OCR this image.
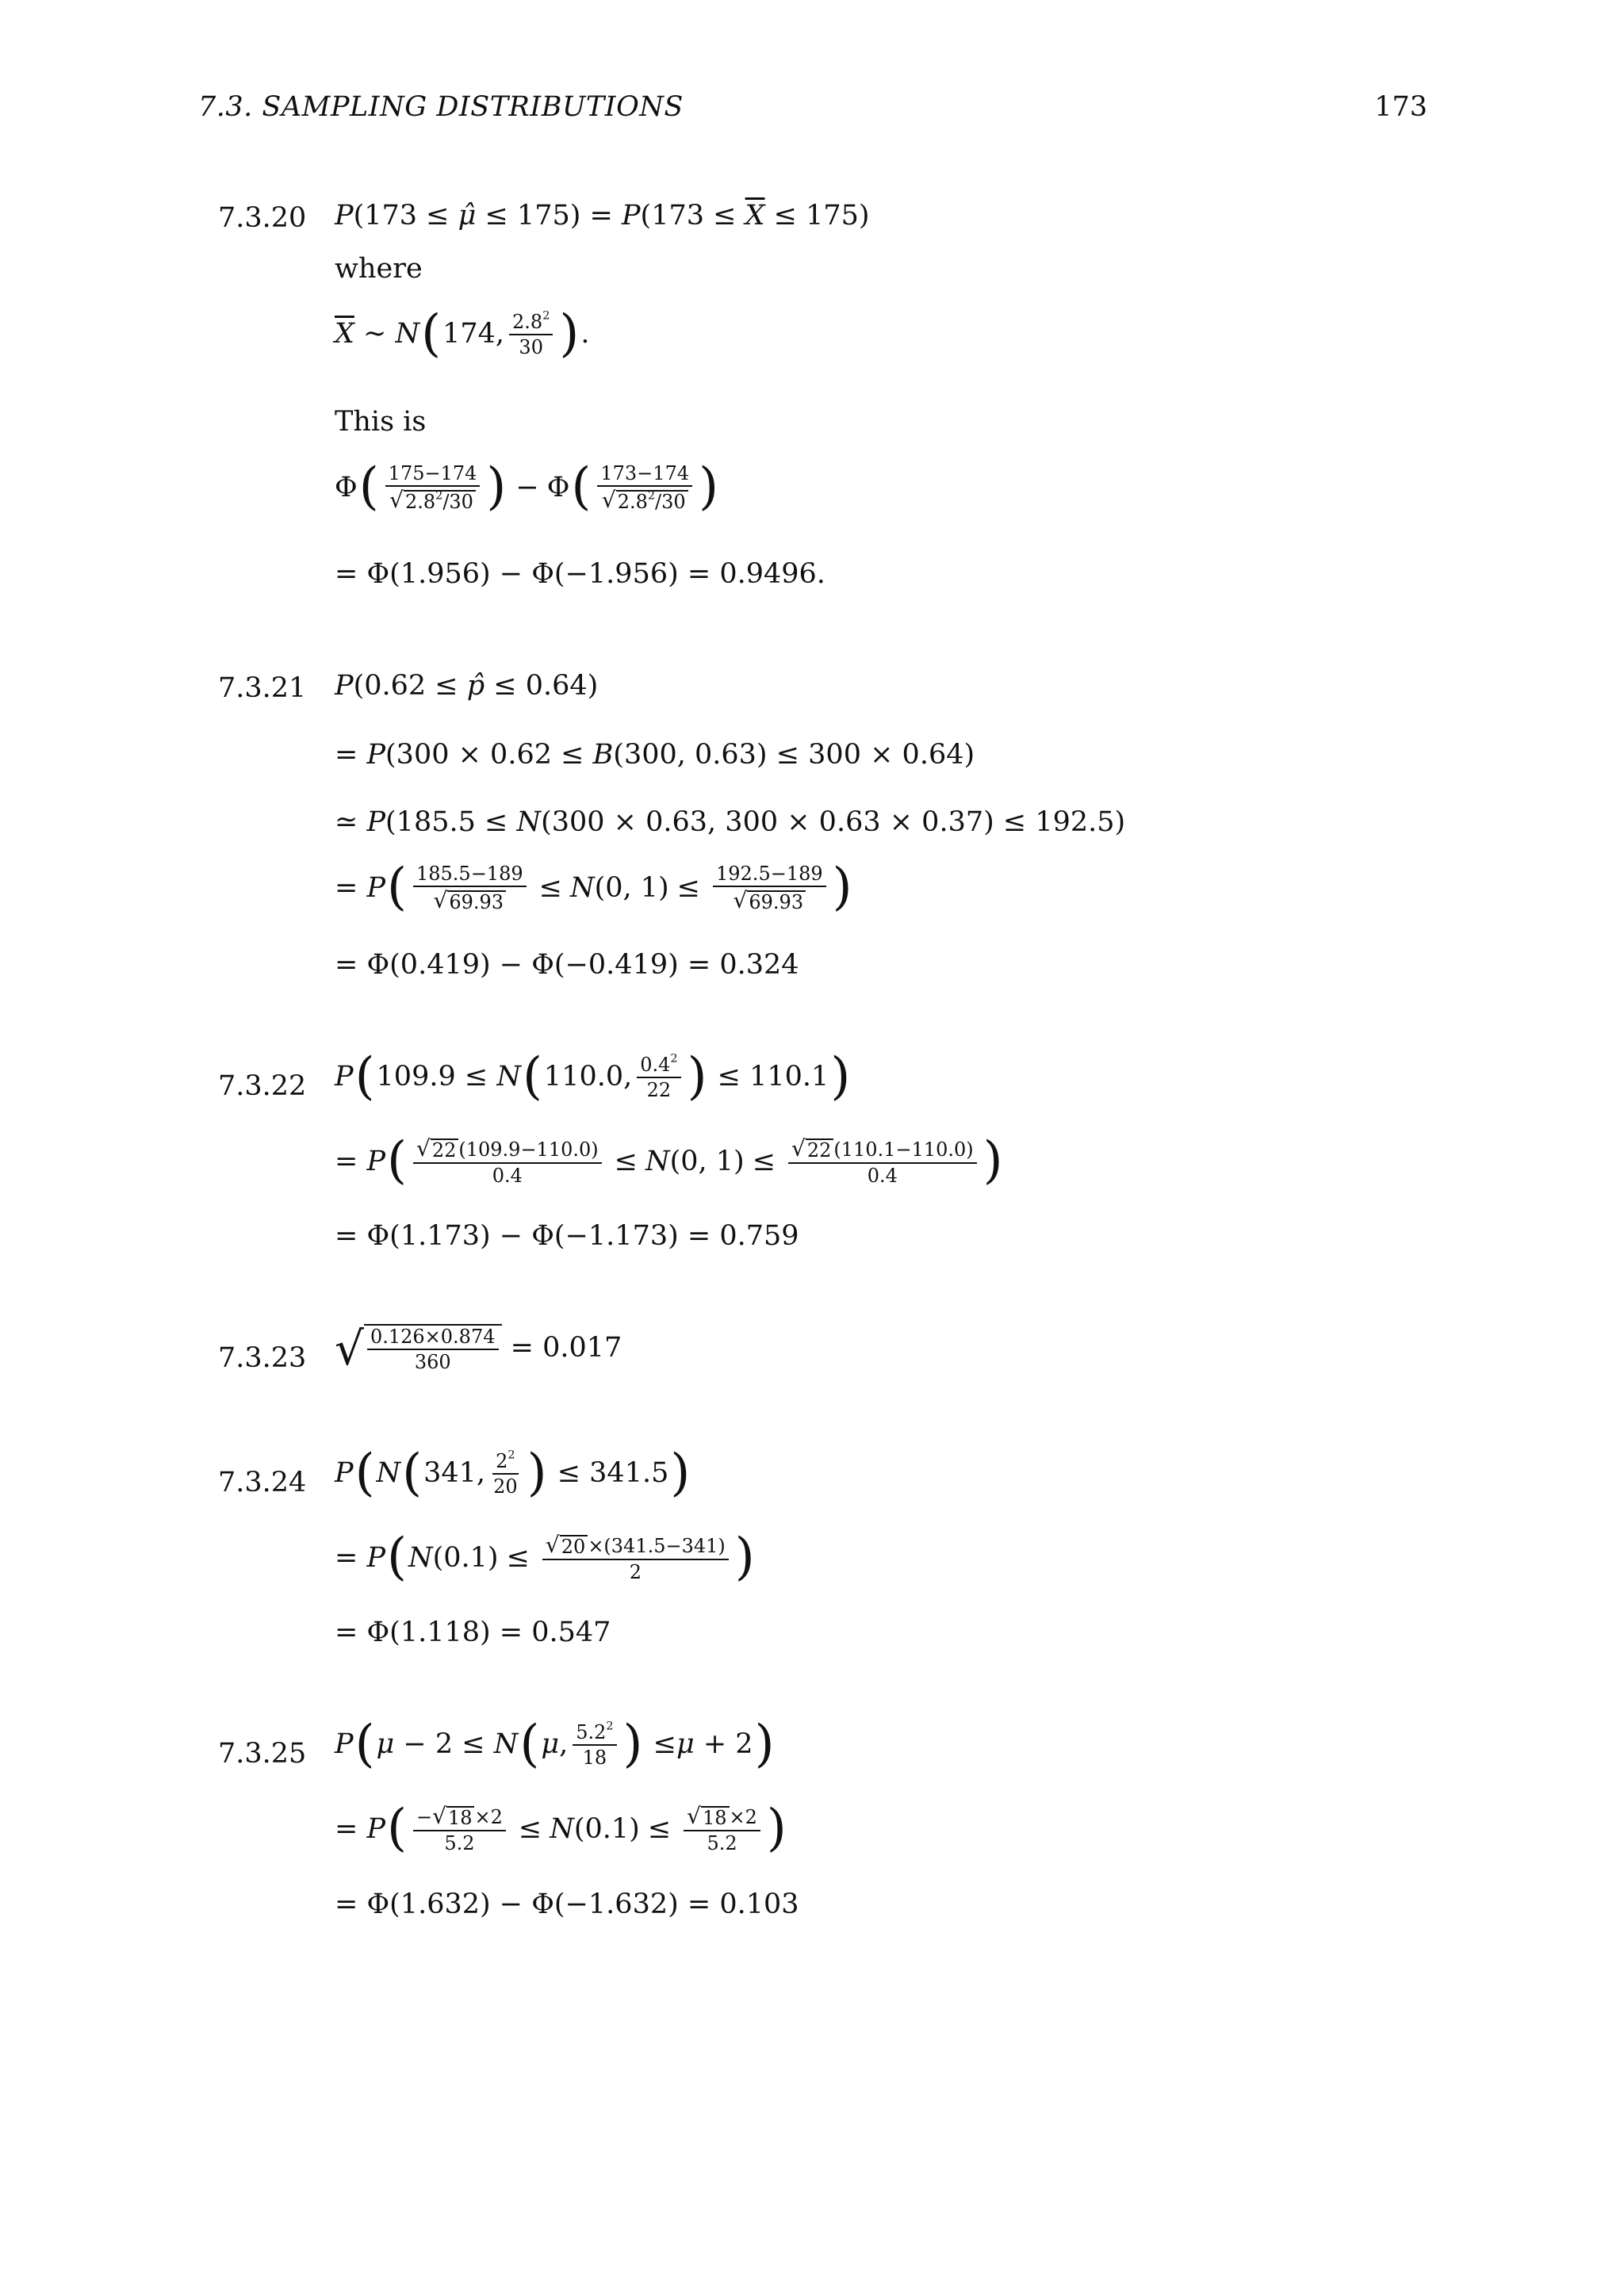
7.3. SAMPLING DISTRIBUTIONS	173
7.3.20 P(173 ≤ μ̂ ≤ $175) = P(173 \le \overline{X} \le 175)$
where
$\overline{X}$ ∼ N ( 174, $\frac{2.8^2}{30}$ ) .
This is
Φ ( $\frac{175-174}{√ 2.8^2/30}$ ) − Φ ( $\frac{173-174}{√ 2.8^2/30}$ )
= Φ(1.956) − Φ(−1.956) = 0.9496.
7.3.21 P(0.62 ≤ p̂ ≤ 0.64)
= P(300 × 0.62 ≤ B(300, 0.63) ≤ 300 × 0.64)
≃ P(185.5 ≤ N(300 × 0.63, 300 × 0.63 × 0.37) ≤ 192.5)
= P ( $\frac{185.5-189}{√ 69.93} \le N$ (0, $1) \le \frac{192.5-189}{√ 69.93}$ )
= Φ(0.419) − Φ(−0.419) = 0.324
7.3.22 P ( 109.9 ≤ N ( 110.0, $\frac{0.4^2}{22}$ ) ≤ 110.1 )
= P ( $\frac{√ 22 (109.9-110.0)}{0.4} \le N$ (0, $1) \le \frac{√ 22 (110.1-110.0)}{0.4}$ )
= Φ(1.173) − Φ(−1.173) = 0.759
7.3.23 √ $\frac{0.126\times 0.874}{360} = 0.017$
7.3.24 P ( N ( 341, $\frac{2^2}{20}$ ) ≤ 341.5 )
= P ( N $(0.1) \le \frac{√ 20 \times(341.5-341)}{2}$ )
= Φ(1.118) = 0.547
7.3.25 P ( μ − 2 ≤ N ( μ , $\frac{5.2^2}{18}$ ) ≤ μ + 2 )
= P ( $\frac{- √ 18 \times 2}{5.2} \le N$ $(0.1) \le \frac{√ 18 \times 2}{5.2}$ )
= Φ(1.632) − Φ(−1.632) = 0.103
